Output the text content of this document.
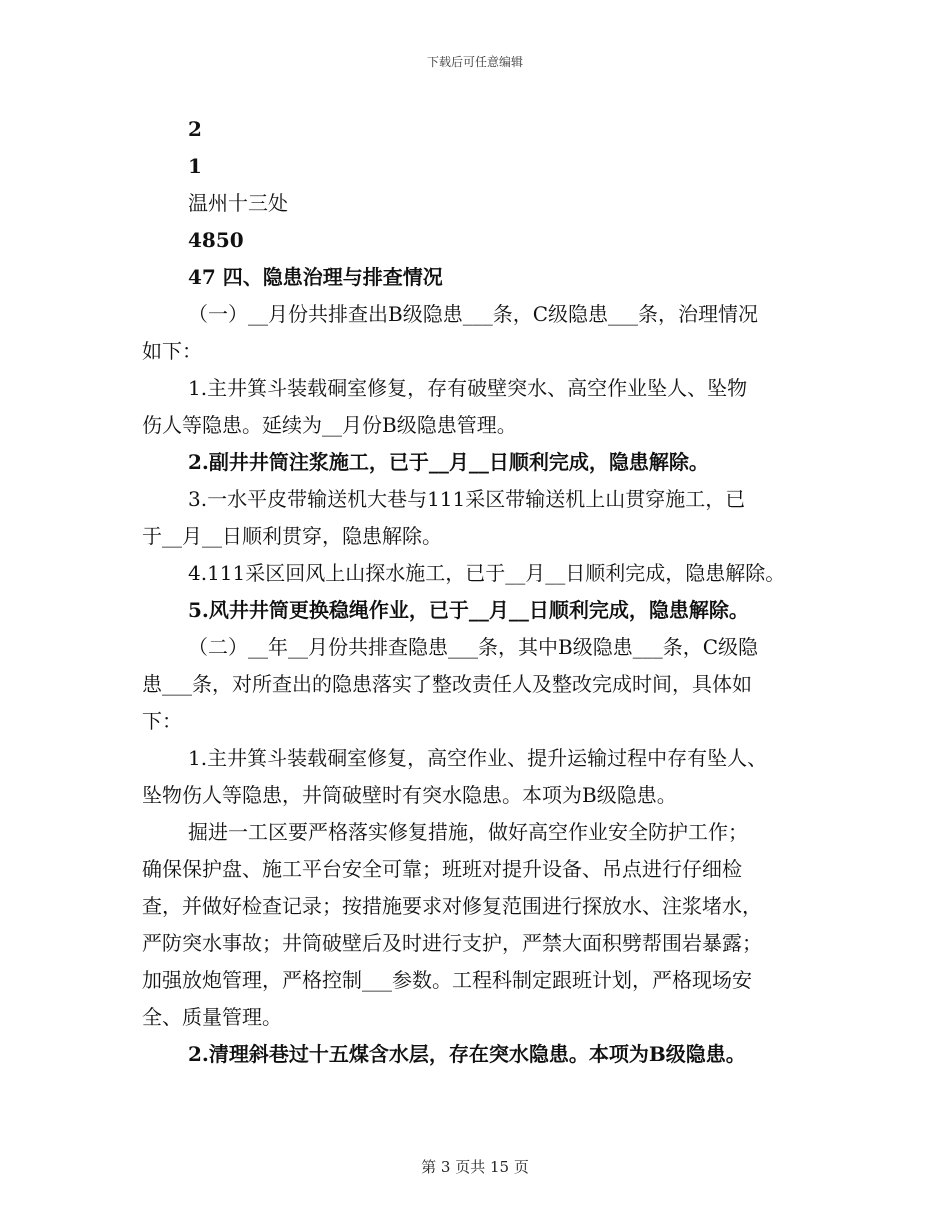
下载后可任意编辑
2
1
温州十三处
4850
47 四、隐患治理与排查情况
（一）__月份共排查出B级隐患___条，C级隐患___条，治理情况
如下：
1.主井箕斗装载硐室修复，存有破壁突水、高空作业坠人、坠物
伤人等隐患。延续为__月份B级隐患管理。
2.副井井筒注浆施工，已于__月__日顺利完成，隐患解除。
3.一水平皮带输送机大巷与111采区带输送机上山贯穿施工，已
于__月__日顺利贯穿，隐患解除。
4.111采区回风上山探水施工，已于__月__日顺利完成，隐患解除。
5.风井井筒更换稳绳作业，已于__月__日顺利完成，隐患解除。
（二）__年__月份共排查隐患___条，其中B级隐患___条，C级隐
患___条，对所查出的隐患落实了整改责任人及整改完成时间，具体如
下：
1.主井箕斗装载硐室修复，高空作业、提升运输过程中存有坠人、
坠物伤人等隐患，井筒破壁时有突水隐患。本项为B级隐患。
掘进一工区要严格落实修复措施，做好高空作业安全防护工作；
确保保护盘、施工平台安全可靠；班班对提升设备、吊点进行仔细检
查，并做好检查记录；按措施要求对修复范围进行探放水、注浆堵水，
严防突水事故；井筒破壁后及时进行支护，严禁大面积劈帮围岩暴露；
加强放炮管理，严格控制___参数。工程科制定跟班计划，严格现场安
全、质量管理。
2.清理斜巷过十五煤含水层，存在突水隐患。本项为B级隐患。
第 3 页共 15 页
